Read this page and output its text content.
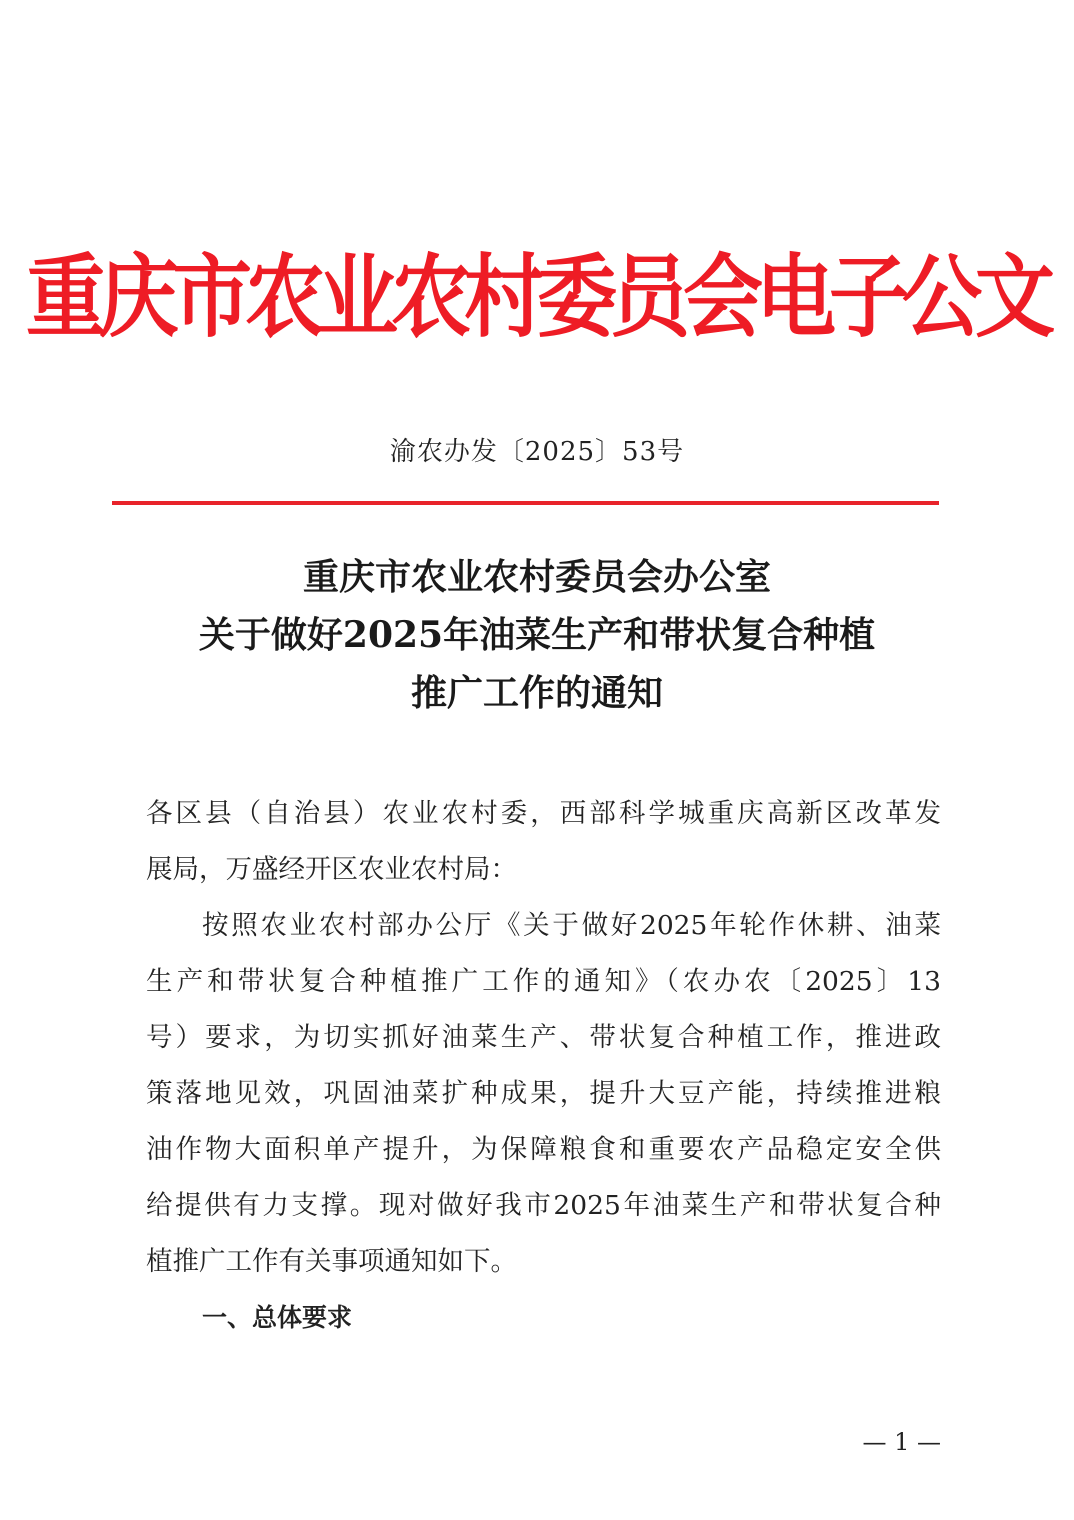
重庆市农业农村委员会电子公文
渝农办发〔2025〕53号
重庆市农业农村委员会办公室
关于做好2025年油菜生产和带状复合种植
推广工作的通知
各区县（自治县）农业农村委，西部科学城重庆高新区改革发
展局，万盛经开区农业农村局：
按照农业农村部办公厅《关于做好2025年轮作休耕、油菜
生产和带状复合种植推广工作的通知》（农办农〔2025〕13
号）要求，为切实抓好油菜生产、带状复合种植工作，推进政
策落地见效，巩固油菜扩种成果，提升大豆产能，持续推进粮
油作物大面积单产提升，为保障粮食和重要农产品稳定安全供
给提供有力支撑。现对做好我市2025年油菜生产和带状复合种
植推广工作有关事项通知如下。
一、总体要求
— 1 —
